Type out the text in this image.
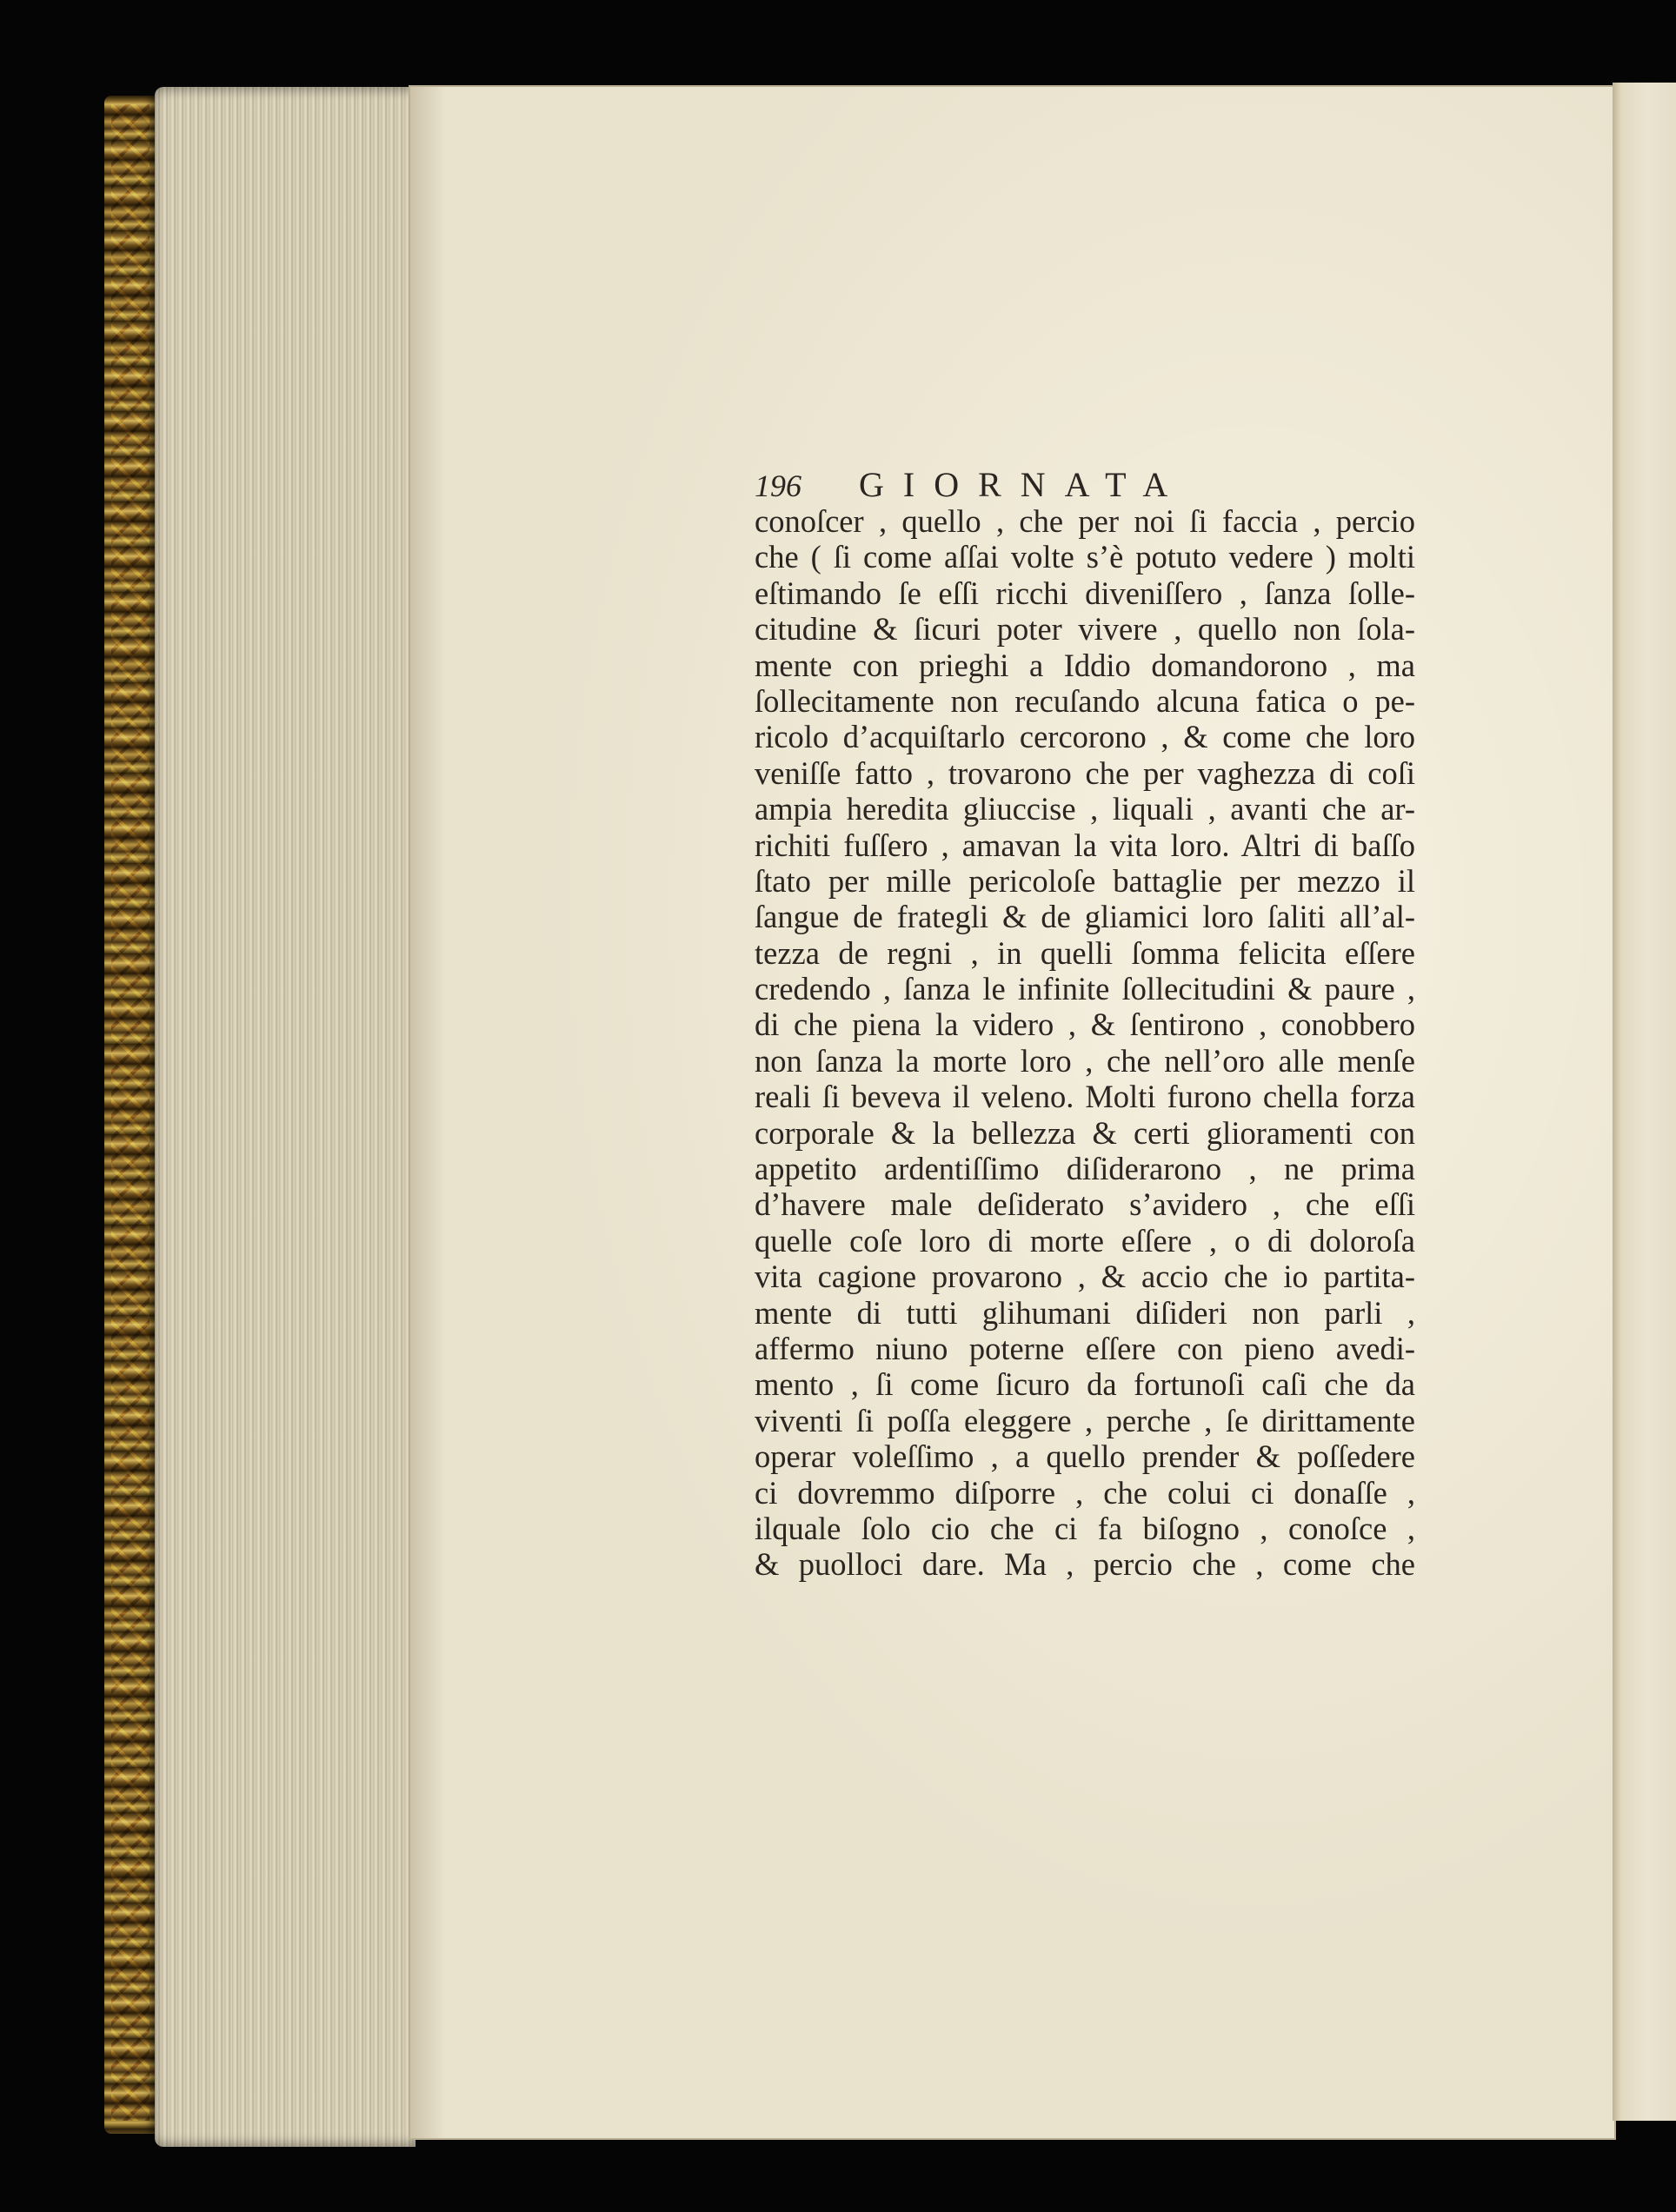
196	GIORNATA
conoſcer , quello , che per noi ſi faccia , percio
che ( ſi come aſſai volte s’è potuto vedere ) molti
eſtimando ſe eſſi ricchi diveniſſero , ſanza ſolle-
citudine & ſicuri poter vivere , quello non ſola-
mente con prieghi a Iddio domandorono , ma
ſollecitamente non recuſando alcuna fatica o pe-
ricolo d’acquiſtarlo cercorono , & come che loro
veniſſe fatto , trovarono che per vaghezza di coſi
ampia heredita gliuccise , liquali , avanti che ar-
richiti fuſſero , amavan la vita loro. Altri di baſſo
ſtato per mille pericoloſe battaglie per mezzo il
ſangue de frategli & de gliamici loro ſaliti all’al-
tezza de regni , in quelli ſomma felicita eſſere
credendo , ſanza le infinite ſollecitudini & paure ,
di che piena la videro , & ſentirono , conobbero
non ſanza la morte loro , che nell’oro alle menſe
reali ſi beveva il veleno. Molti furono chella forza
corporale & la bellezza & certi glioramenti con
appetito ardentiſſimo diſiderarono , ne prima
d’havere male deſiderato s’avidero , che eſſi
quelle coſe loro di morte eſſere , o di doloroſa
vita cagione provarono , & accio che io partita-
mente di tutti glihumani diſideri non parli ,
affermo niuno poterne eſſere con pieno avedi-
mento , ſi come ſicuro da fortunoſi caſi che da
viventi ſi poſſa eleggere , perche , ſe dirittamente
operar voleſſimo , a quello prender & poſſedere
ci dovremmo diſporre , che colui ci donaſſe ,
ilquale ſolo cio che ci fa biſogno , conoſce ,
& puolloci dare. Ma , percio che , come che
